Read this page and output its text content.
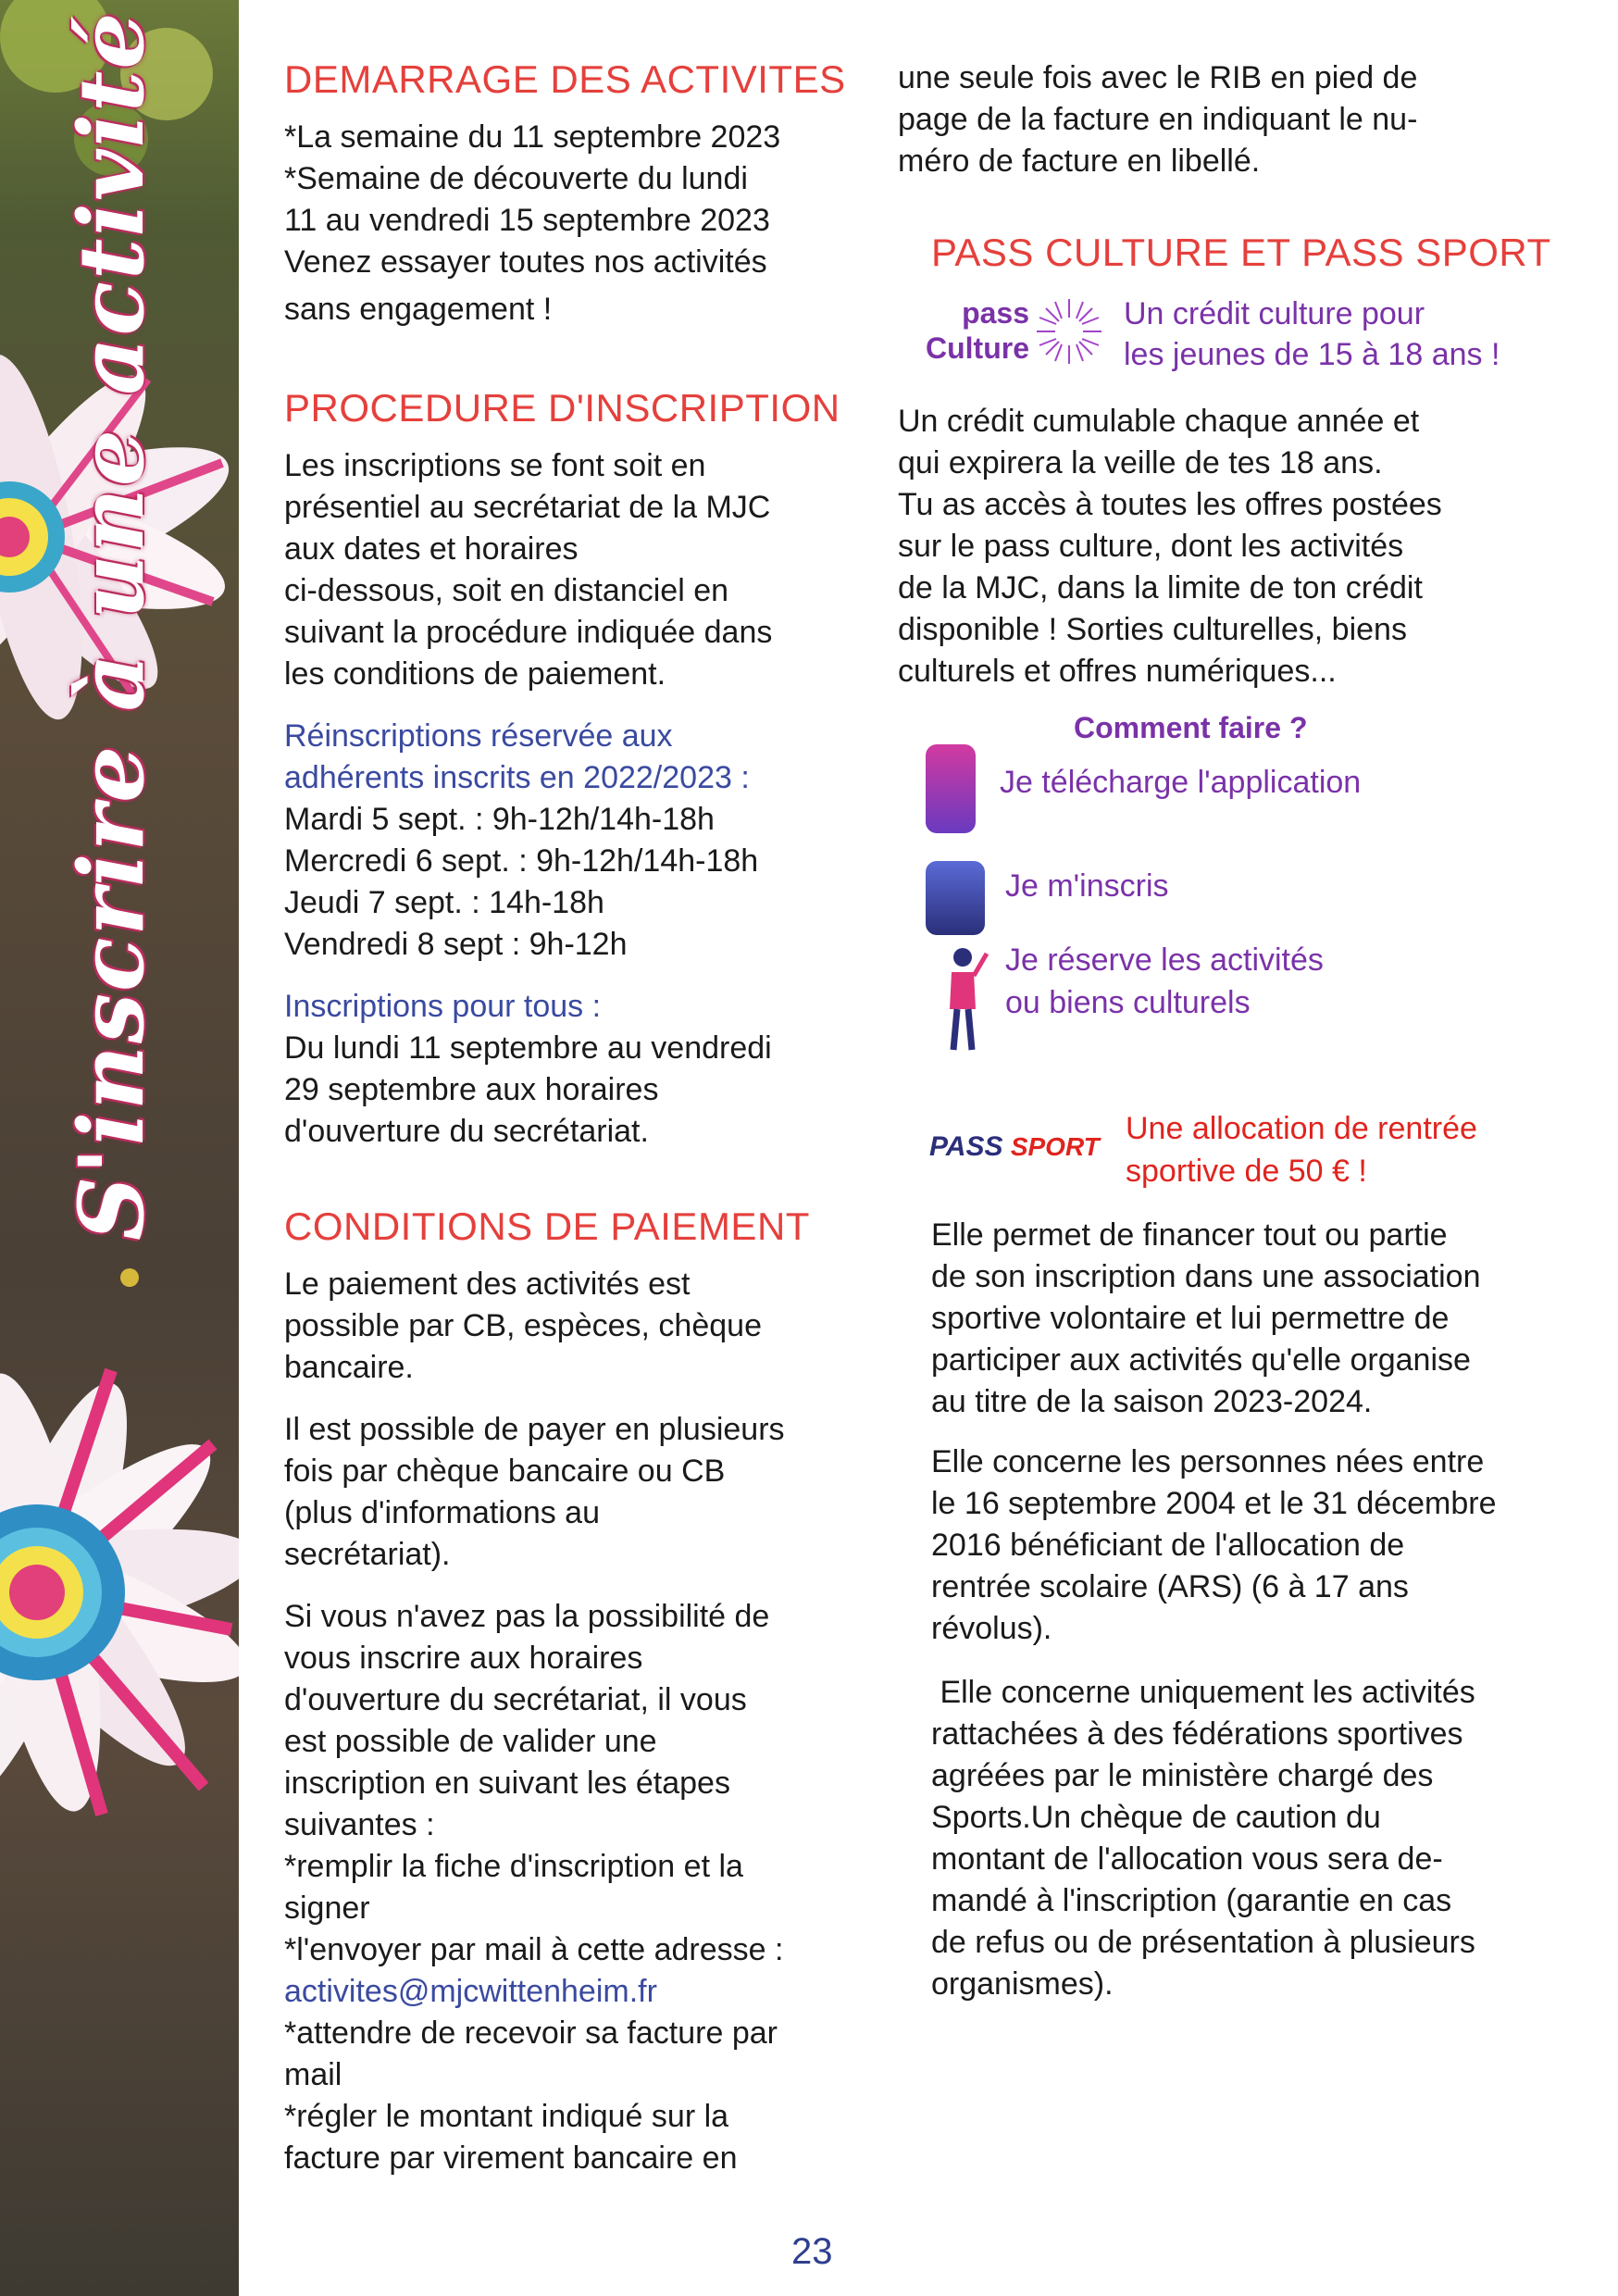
S'inscrire à une activité	DEMARRAGE DES ACTIVITES

*La semaine du 11 septembre 2023

*Semaine de découverte du lundi

11 au vendredi 15 septembre 2023

Venez essayer toutes nos activités

sans engagement !

PROCEDURE D'INSCRIPTION

Les inscriptions se font soit en

présentiel au secrétariat de la MJC

aux dates et horaires

ci-dessous, soit en distanciel en

suivant la procédure indiquée dans

les conditions de paiement.

Réinscriptions réservée aux

adhérents inscrits en 2022/2023 :

Mardi 5 sept. : 9h-12h/14h-18h

Mercredi 6 sept. : 9h-12h/14h-18h

Jeudi 7 sept. : 14h-18h

Vendredi 8 sept : 9h-12h

Inscriptions pour tous :

Du lundi 11 septembre au vendredi

29 septembre aux horaires

d'ouverture du secrétariat.

CONDITIONS DE PAIEMENT

Le paiement des activités est

possible par CB, espèces, chèque

bancaire.

Il est possible de payer en plusieurs

fois par chèque bancaire ou CB

(plus d'informations au

secrétariat).

Si vous n'avez pas la possibilité de

vous inscrire aux horaires

d'ouverture du secrétariat, il vous

est possible de valider une

inscription en suivant les étapes

suivantes :

*remplir la fiche d'inscription et la

signer

*l'envoyer par mail à cette adresse :

activites@mjcwittenheim.fr

*attendre de recevoir sa facture par

mail

*régler le montant indiqué sur la

facture par virement bancaire en

une seule fois avec le RIB en pied de

page de la facture en indiquant le nu-

méro de facture en libellé.

PASS CULTURE ET PASS SPORT
pass
Culture
Un crédit culture pour
les jeunes de 15 à 18 ans !

Un crédit cumulable chaque année et

qui expirera la veille de tes 18 ans.

Tu as accès à toutes les offres postées

sur le pass culture, dont les activités

de la MJC, dans la limite de ton crédit

disponible ! Sorties culturelles, biens

culturels et offres numériques...

Comment faire ?
Je télécharge l'application
Je m'inscris
Je réserve les activités
ou biens culturels
PASS SPORT
Une allocation de rentrée
sportive de 50 € !

Elle permet de financer tout ou partie

de son inscription dans une association

sportive volontaire et lui permettre de

participer aux activités qu'elle organise

au titre de la saison 2023-2024.

Elle concerne les personnes nées entre

le 16 septembre 2004 et le 31 décembre

2016 bénéficiant de l'allocation de

rentrée scolaire (ARS) (6 à 17 ans

révolus).

Elle concerne uniquement les activités

rattachées à des fédérations sportives

agréées par le ministère chargé des

Sports.Un chèque de caution du

montant de l'allocation vous sera de-

mandé à l'inscription (garantie en cas

de refus ou de présentation à plusieurs

organismes).

23
